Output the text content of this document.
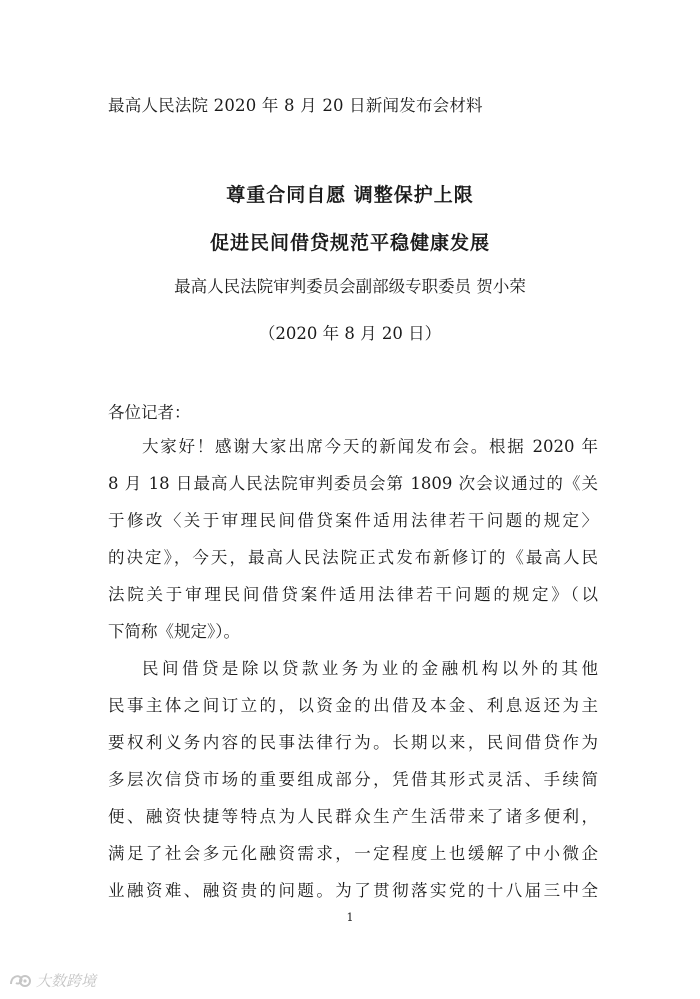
最高人民法院 2020 年 8 月 20 日新闻发布会材料
尊重合同自愿 调整保护上限
促进民间借贷规范平稳健康发展
最高人民法院审判委员会副部级专职委员 贺小荣
（2020 年 8 月 20 日）
各位记者：
大家好！感谢大家出席今天的新闻发布会。根据 2020 年
8 月 18 日最高人民法院审判委员会第 1809 次会议通过的《关
于修改〈关于审理民间借贷案件适用法律若干问题的规定〉
的决定》，今天，最高人民法院正式发布新修订的《最高人民
法院关于审理民间借贷案件适用法律若干问题的规定》（以
下简称《规定》）。
民间借贷是除以贷款业务为业的金融机构以外的其他
民事主体之间订立的，以资金的出借及本金、利息返还为主
要权利义务内容的民事法律行为。长期以来，民间借贷作为
多层次信贷市场的重要组成部分，凭借其形式灵活、手续简
便、融资快捷等特点为人民群众生产生活带来了诸多便利，
满足了社会多元化融资需求，一定程度上也缓解了中小微企
业融资难、融资贵的问题。为了贯彻落实党的十八届三中全
1
大数跨境
